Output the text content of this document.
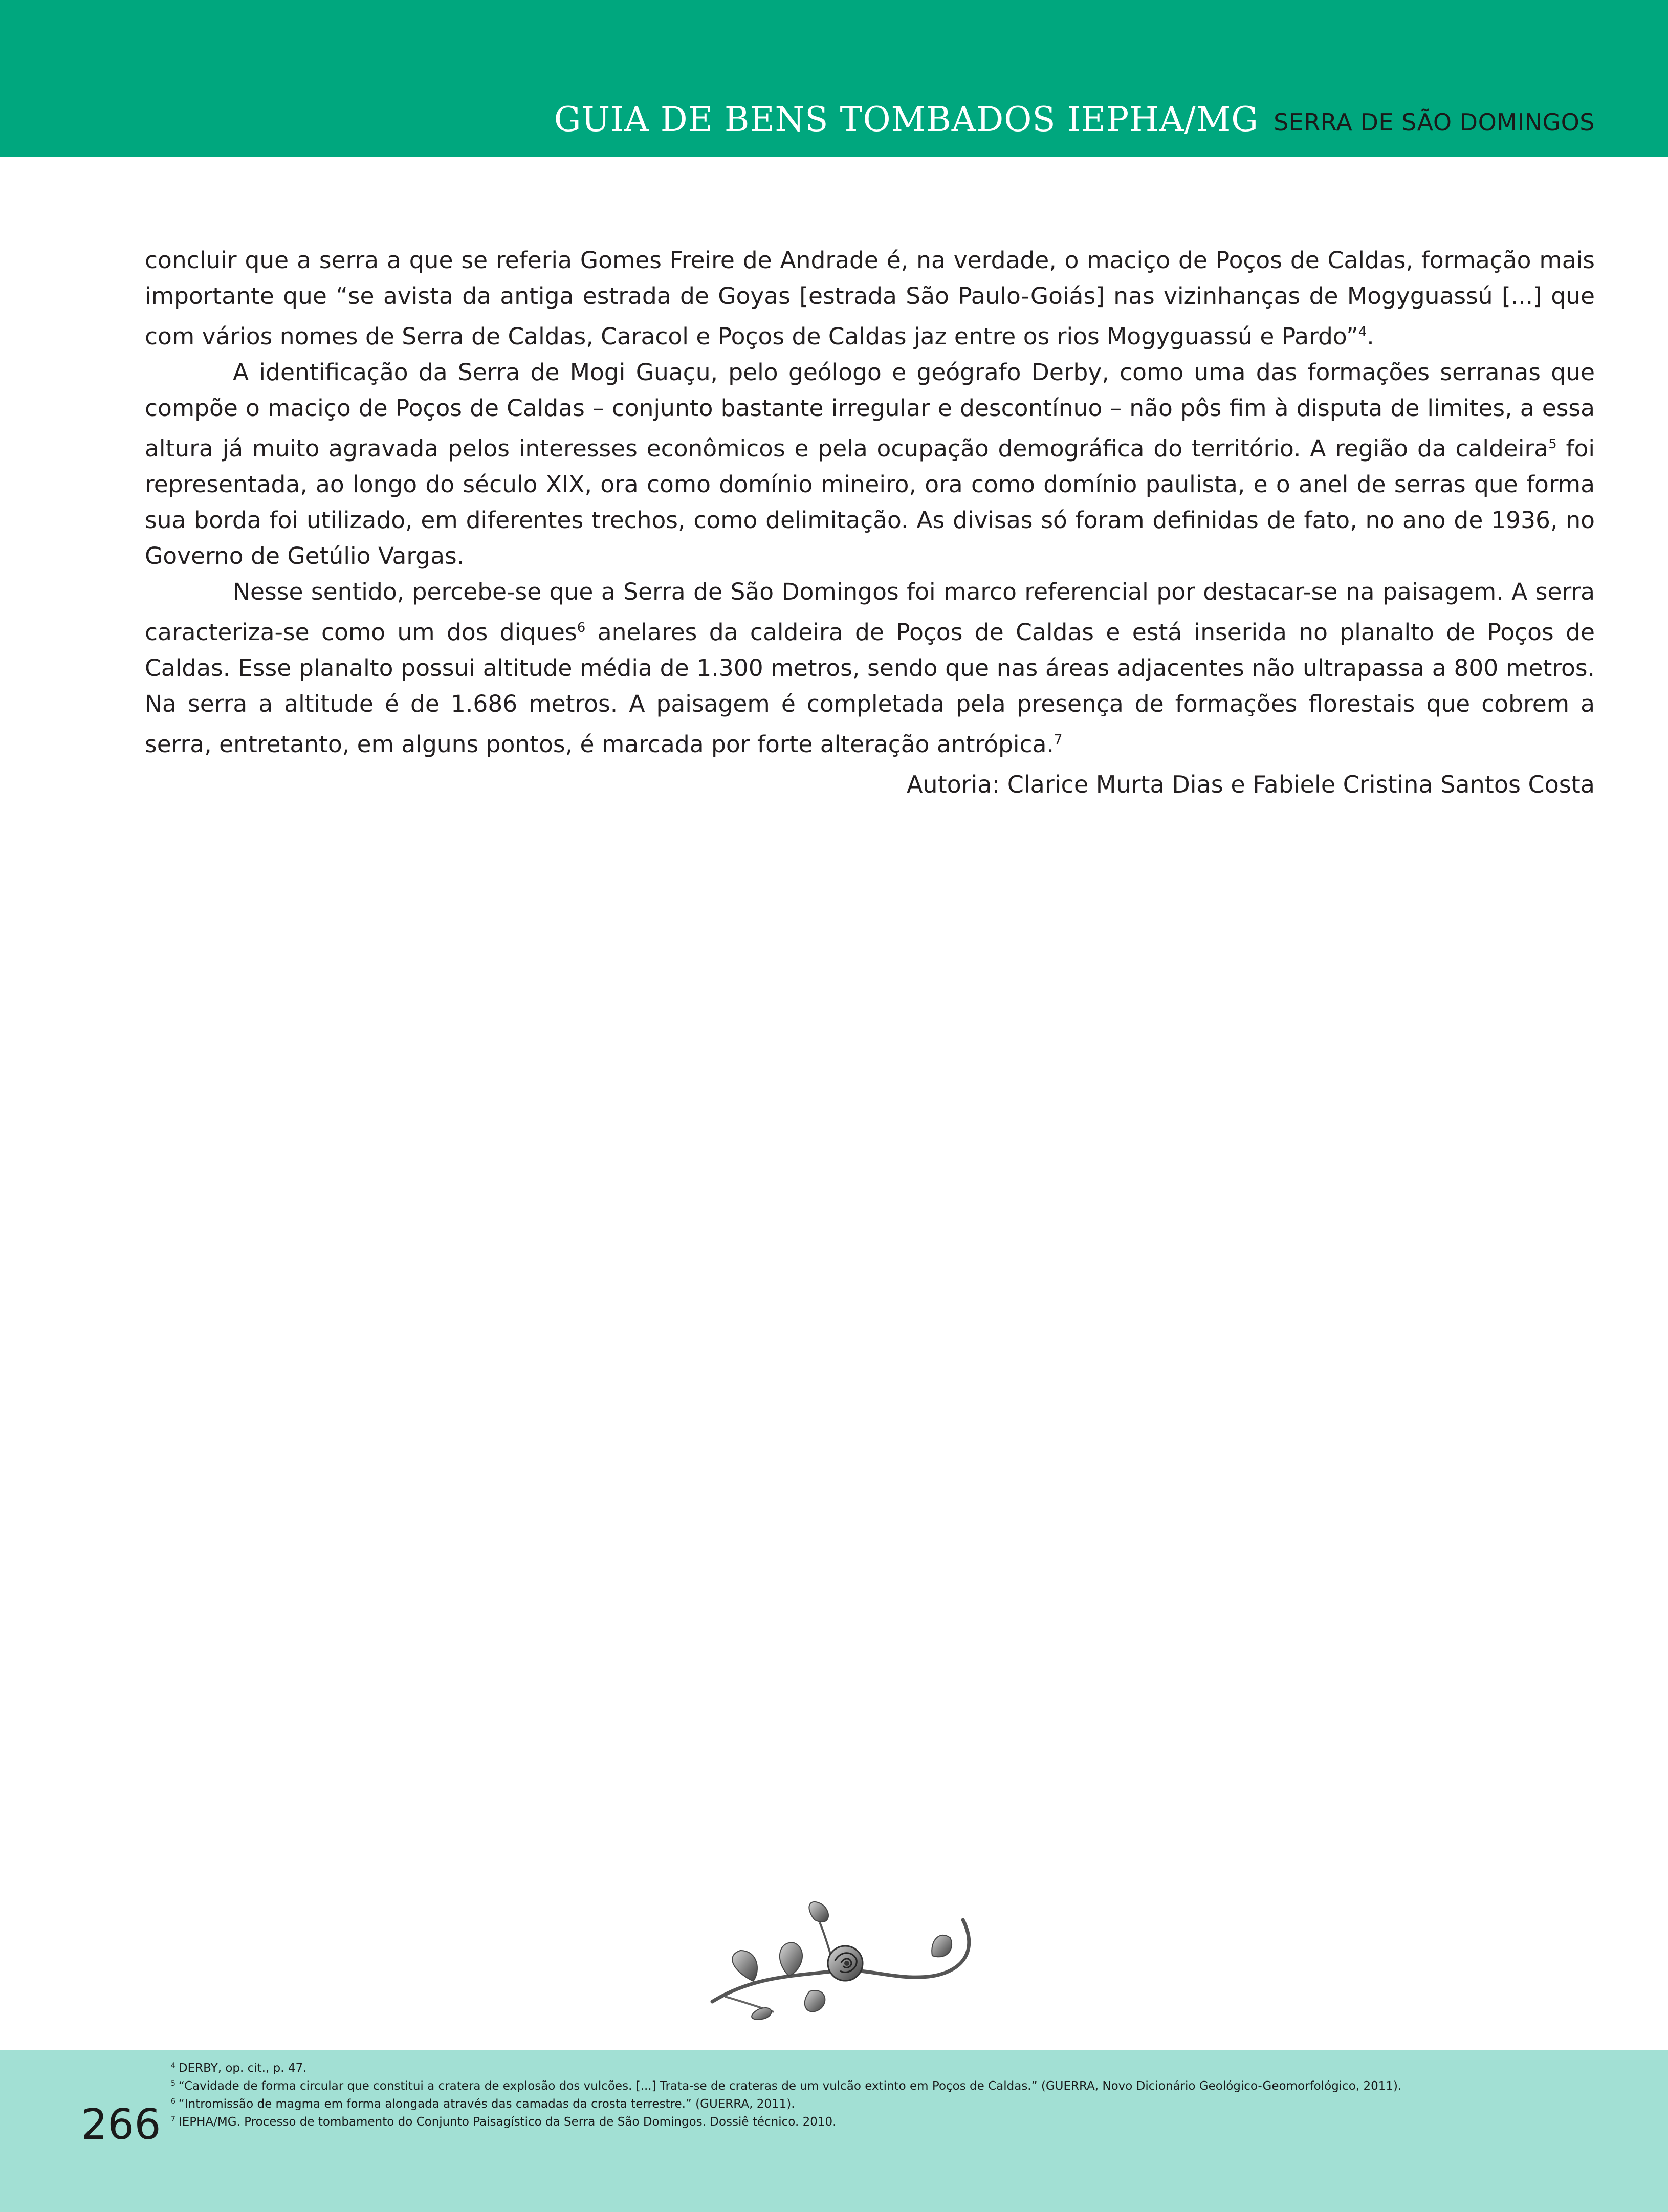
GUIA DE BENS TOMBADOS IEPHA/MG SERRA DE SÃO DOMINGOS

concluir que a serra a que se referia Gomes Freire de Andrade é, na verdade, o maciço de Poços de Caldas, formação mais importante que “se avista da antiga estrada de Goyas [estrada São Paulo-Goiás] nas vizinhanças de Mogyguassú [...] que com vários nomes de Serra de Caldas, Caracol e Poços de Caldas jaz entre os rios Mogyguassú e Pardo”$^4$.

A identificação da Serra de Mogi Guaçu, pelo geólogo e geógrafo Derby, como uma das formações serranas que compõe o maciço de Poços de Caldas – conjunto bastante irregular e descontínuo – não pôs fim à disputa de limites, a essa altura já muito agravada pelos interesses econômicos e pela ocupação demográfica do território. A região da caldeira$^5$ foi representada, ao longo do século XIX, ora como domínio mineiro, ora como domínio paulista, e o anel de serras que forma sua borda foi utilizado, em diferentes trechos, como delimitação. As divisas só foram definidas de fato, no ano de 1936, no Governo de Getúlio Vargas.

Nesse sentido, percebe-se que a Serra de São Domingos foi marco referencial por destacar-se na paisagem. A serra caracteriza-se como um dos diques$^6$ anelares da caldeira de Poços de Caldas e está inserida no planalto de Poços de Caldas. Esse planalto possui altitude média de 1.300 metros, sendo que nas áreas adjacentes não ultrapassa a 800 metros. Na serra a altitude é de 1.686 metros. A paisagem é completada pela presença de formações florestais que cobrem a serra, entretanto, em alguns pontos, é marcada por forte alteração antrópica.$^7$

Autoria: Clarice Murta Dias e Fabiele Cristina Santos Costa
266
$^4$ DERBY, op. cit., p. 47.
$^5$ “Cavidade de forma circular que constitui a cratera de explosão dos vulcões. [...] Trata-se de crateras de um vulcão extinto em Poços de Caldas.” (GUERRA, Novo Dicionário Geológico-Geomorfológico, 2011).
$^6$ “Intromissão de magma em forma alongada através das camadas da crosta terrestre.” (GUERRA, 2011).
$^7$ IEPHA/MG. Processo de tombamento do Conjunto Paisagístico da Serra de São Domingos. Dossiê técnico. 2010.
